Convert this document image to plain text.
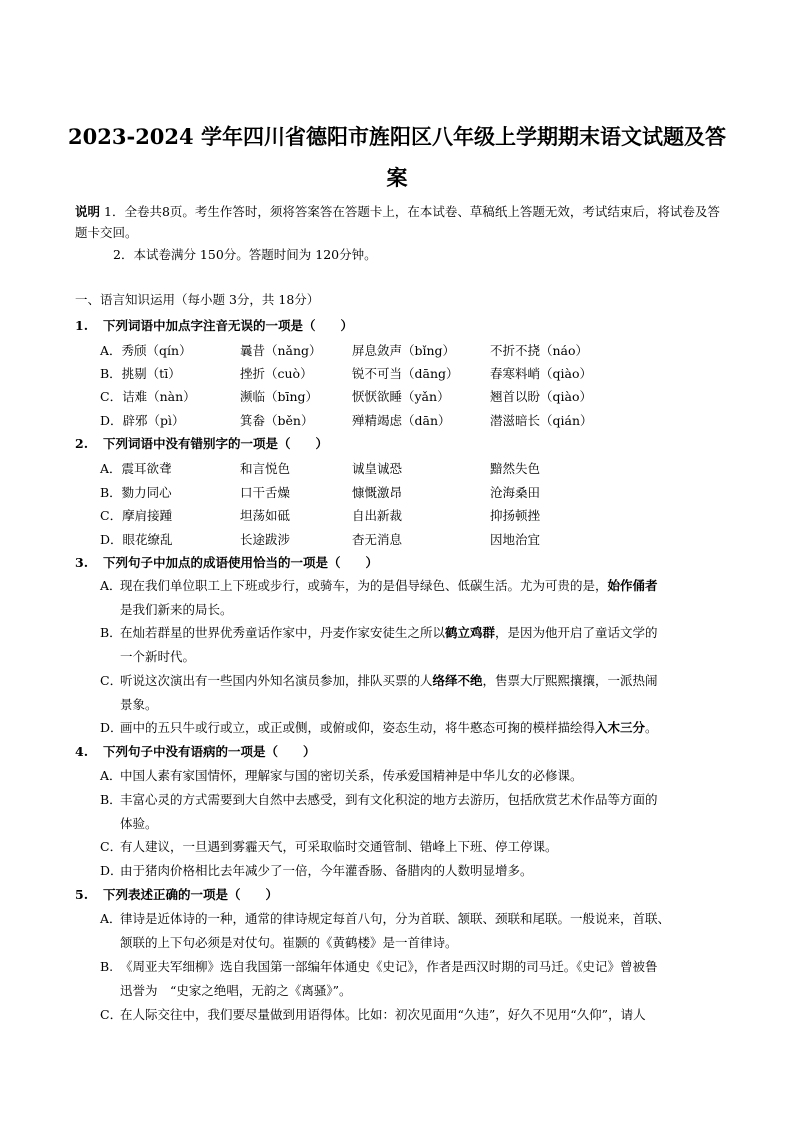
2023-2024 学年四川省德阳市旌阳区八年级上学期期末语文试题及答
案
说明 1．全卷共8页。考生作答时，须将答案答在答题卡上，在本试卷、草稿纸上答题无效，考试结束后，将试卷及答题卡交回。
2．本试卷满分 150分。答题时间为 120分钟。
一、语言知识运用（每小题 3分，共 18分）
1. 下列词语中加点字注音无误的一项是（　　）
A．秀颀（qín）	曩昔（nǎng） 屏息敛声（bǐng）	不折不挠（náo）
B．挑剔（tī）	挫折（cuò）	锐不可当（dāng）	春寒料峭（qiào）
C．诘难（nàn）	濒临（bīng）	恹恹欲睡（yǎn）	翘首以盼（qiào）
D．辟邪（pì）	箕畚（běn）	殚精竭虑（dān）	潜滋暗长（qián）
2. 下列词语中没有错别字的一项是（　　）
A．震耳欲聋	和言悦色	诚皇诚恐	黯然失色
B．勠力同心	口干舌燥	慷慨激昂	沧海桑田
C．摩肩接踵	坦荡如砥	自出新裁	抑扬顿挫
D．眼花缭乱	长途跋涉	杳无消息	因地治宜
3. 下列句子中加点的成语使用恰当的一项是（　　）
A．现在我们单位职工上下班或步行，或骑车，为的是倡导绿色、低碳生活。尤为可贵的是，始作俑者
是我们新来的局长。
B．在灿若群星的世界优秀童话作家中，丹麦作家安徒生之所以鹤立鸡群，是因为他开启了童话文学的
一个新时代。
C．听说这次演出有一些国内外知名演员参加，排队买票的人络绎不绝，售票大厅熙熙攘攘，一派热闹
景象。
D．画中的五只牛或行或立，或正或侧，或俯或仰，姿态生动，将牛憨态可掬的模样描绘得入木三分。
4. 下列句子中没有语病的一项是（　　）
A．中国人素有家国情怀，理解家与国的密切关系，传承爱国精神是中华儿女的必修课。
B．丰富心灵的方式需要到大自然中去感受，到有文化积淀的地方去游历，包括欣赏艺术作品等方面的
体验。
C．有人建议，一旦遇到雾霾天气，可采取临时交通管制、错峰上下班、停工停课。
D．由于猪肉价格相比去年减少了一倍，今年灌香肠、备腊肉的人数明显增多。
5. 下列表述正确的一项是（　　）
A．律诗是近体诗的一种，通常的律诗规定每首八句，分为首联、颔联、颈联和尾联。一般说来，首联、
颔联的上下句必须是对仗句。崔颢的《黄鹤楼》是一首律诗。
B. 《周亚夫军细柳》选自我国第一部编年体通史《史记》，作者是西汉时期的司马迁。《史记》曾被鲁
迅誉为　“史家之绝唱，无韵之《离骚》”。
C．在人际交往中，我们要尽量做到用语得体。比如：初次见面用“久违”，好久不见用“久仰”，请人
